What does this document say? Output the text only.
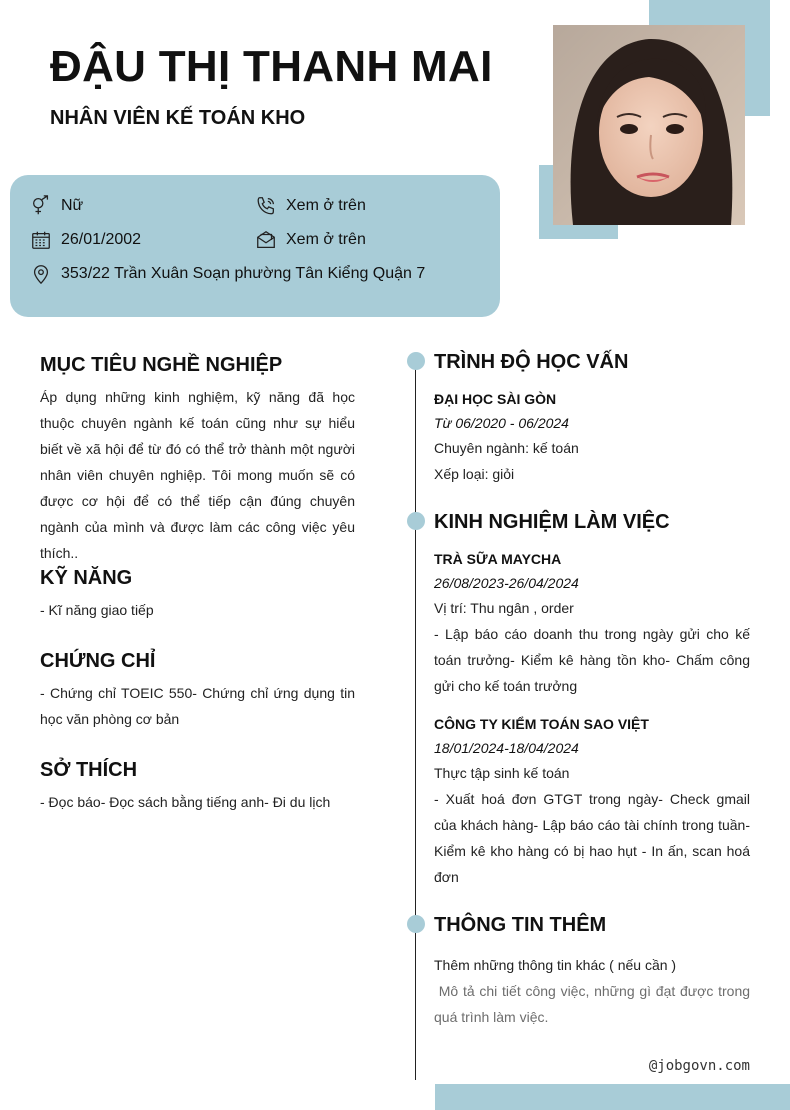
ĐẬU THỊ THANH MAI
NHÂN VIÊN KẾ TOÁN KHO
Nữ	Xem ở trên
26/01/2002	Xem ở trên
353/22 Trần Xuân Soạn phường Tân Kiểng Quận 7
MỤC TIÊU NGHỀ NGHIỆP

Áp dụng những kinh nghiệm, kỹ năng đã học thuộc chuyên ngành kế toán cũng như sự hiểu biết về xã hội để từ đó có thể trở thành một người nhân viên chuyên nghiệp. Tôi mong muốn sẽ có được cơ hội để có thể tiếp cận đúng chuyên ngành của mình và được làm các công việc yêu thích..

KỸ NĂNG

- Kĩ năng giao tiếp

CHỨNG CHỈ

- Chứng chỉ TOEIC 550- Chứng chỉ ứng dụng tin học văn phòng cơ bản

SỞ THÍCH

- Đọc báo- Đọc sách bằng tiếng anh- Đi du lịch

TRÌNH ĐỘ HỌC VẤN

ĐẠI HỌC SÀI GÒN

Từ 06/2020 - 06/2024

Chuyên ngành: kế toán

Xếp loại: giỏi

KINH NGHIỆM LÀM VIỆC

TRÀ SỮA MAYCHA

26/08/2023-26/04/2024

Vị trí: Thu ngân , order

- Lập báo cáo doanh thu trong ngày gửi cho kế toán trưởng- Kiểm kê hàng tồn kho- Chấm công gửi cho kế toán trưởng

CÔNG TY KIỂM TOÁN SAO VIỆT

18/01/2024-18/04/2024

Thực tập sinh kế toán

- Xuất hoá đơn GTGT trong ngày- Check gmail của khách hàng- Lập báo cáo tài chính trong tuần- Kiểm kê kho hàng có bị hao hụt - In ấn, scan hoá đơn

THÔNG TIN THÊM

Thêm những thông tin khác ( nếu cần )

Mô tả chi tiết công việc, những gì đạt được trong quá trình làm việc.

@jobgovn.com
